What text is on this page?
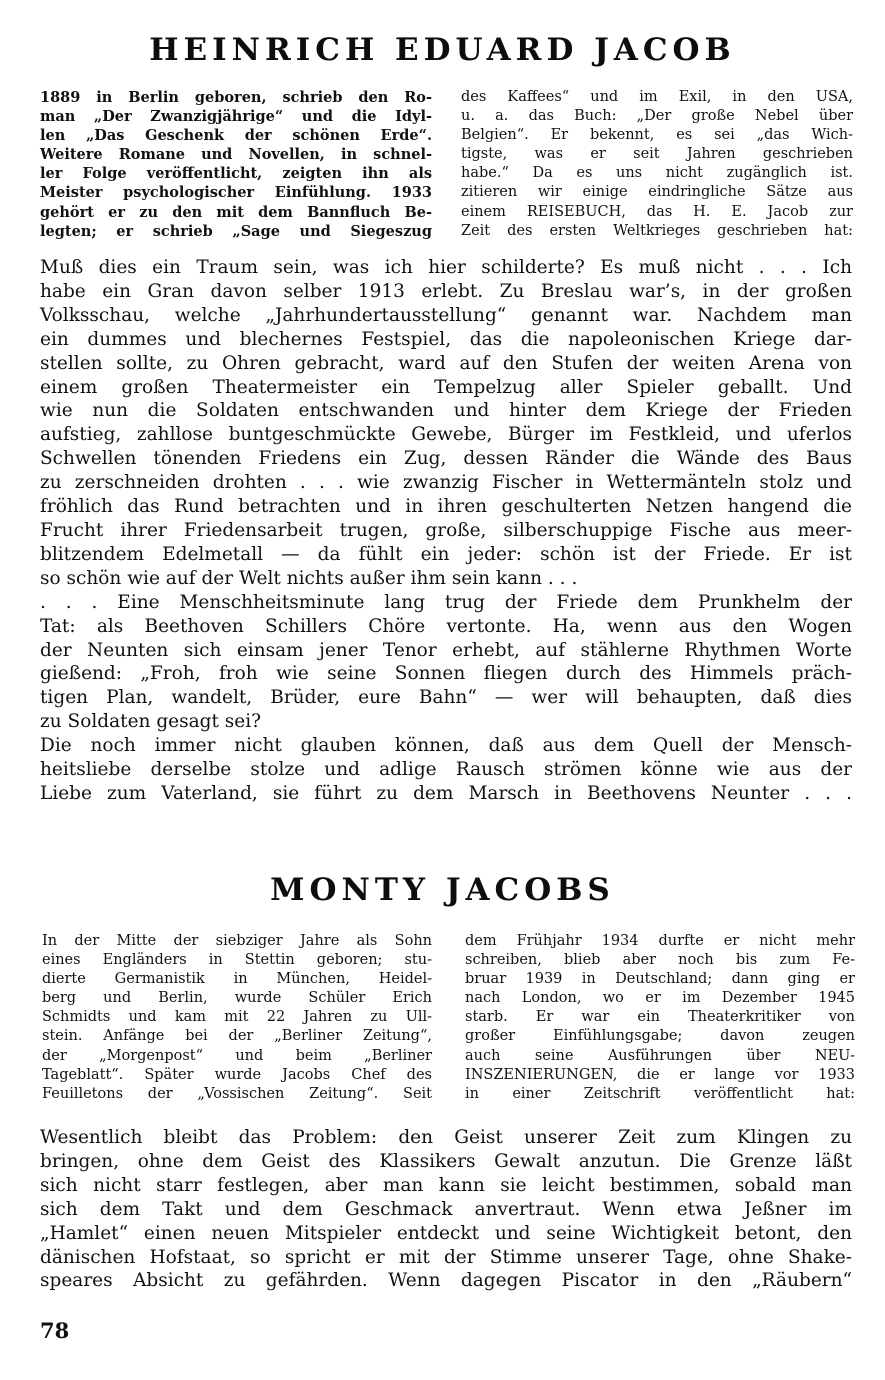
HEINRICH EDUARD JACOB
1889 in Berlin geboren, schrieb den Ro-
man „Der Zwanzigjährige“ und die Idyl-
len „Das Geschenk der schönen Erde“.
Weitere Romane und Novellen, in schnel-
ler Folge veröffentlicht, zeigten ihn als
Meister psychologischer Einfühlung. 1933
gehört er zu den mit dem Bannfluch Be-
legten; er schrieb „Sage und Siegeszug
des Kaffees“ und im Exil, in den USA,
u. a. das Buch: „Der große Nebel über
Belgien“. Er bekennt, es sei „das Wich-
tigste, was er seit Jahren geschrieben
habe.“ Da es uns nicht zugänglich ist.
zitieren wir einige eindringliche Sätze aus
einem REISEBUCH, das H. E. Jacob zur
Zeit des ersten Weltkrieges geschrieben hat:
Muß dies ein Traum sein, was ich hier schilderte? Es muß nicht . . . Ich
habe ein Gran davon selber 1913 erlebt. Zu Breslau war’s, in der großen
Volksschau, welche „Jahrhundertausstellung“ genannt war. Nachdem man
ein dummes und blechernes Festspiel, das die napoleonischen Kriege dar-
stellen sollte, zu Ohren gebracht, ward auf den Stufen der weiten Arena von
einem großen Theatermeister ein Tempelzug aller Spieler geballt. Und
wie nun die Soldaten entschwanden und hinter dem Kriege der Frieden
aufstieg, zahllose buntgeschmückte Gewebe, Bürger im Festkleid, und uferlos
Schwellen tönenden Friedens ein Zug, dessen Ränder die Wände des Baus
zu zerschneiden drohten . . . wie zwanzig Fischer in Wettermänteln stolz und
fröhlich das Rund betrachten und in ihren geschulterten Netzen hangend die
Frucht ihrer Friedensarbeit trugen, große, silberschuppige Fische aus meer-
blitzendem Edelmetall — da fühlt ein jeder: schön ist der Friede. Er ist
so schön wie auf der Welt nichts außer ihm sein kann . . .
. . . Eine Menschheitsminute lang trug der Friede dem Prunkhelm der
Tat: als Beethoven Schillers Chöre vertonte. Ha, wenn aus den Wogen
der Neunten sich einsam jener Tenor erhebt, auf stählerne Rhythmen Worte
gießend: „Froh, froh wie seine Sonnen fliegen durch des Himmels präch-
tigen Plan, wandelt, Brüder, eure Bahn“ — wer will behaupten, daß dies
zu Soldaten gesagt sei?
Die noch immer nicht glauben können, daß aus dem Quell der Mensch-
heitsliebe derselbe stolze und adlige Rausch strömen könne wie aus der
Liebe zum Vaterland, sie führt zu dem Marsch in Beethovens Neunter . . .
MONTY JACOBS
In der Mitte der siebziger Jahre als Sohn
eines Engländers in Stettin geboren; stu-
dierte Germanistik in München, Heidel-
berg und Berlin, wurde Schüler Erich
Schmidts und kam mit 22 Jahren zu Ull-
stein. Anfänge bei der „Berliner Zeitung“,
der „Morgenpost“ und beim „Berliner
Tageblatt“. Später wurde Jacobs Chef des
Feuilletons der „Vossischen Zeitung“. Seit
dem Frühjahr 1934 durfte er nicht mehr
schreiben, blieb aber noch bis zum Fe-
bruar 1939 in Deutschland; dann ging er
nach London, wo er im Dezember 1945
starb. Er war ein Theaterkritiker von
großer Einfühlungsgabe; davon zeugen
auch seine Ausführungen über NEU-
INSZENIERUNGEN, die er lange vor 1933
in einer Zeitschrift veröffentlicht hat:
Wesentlich bleibt das Problem: den Geist unserer Zeit zum Klingen zu
bringen, ohne dem Geist des Klassikers Gewalt anzutun. Die Grenze läßt
sich nicht starr festlegen, aber man kann sie leicht bestimmen, sobald man
sich dem Takt und dem Geschmack anvertraut. Wenn etwa Jeßner im
„Hamlet“ einen neuen Mitspieler entdeckt und seine Wichtigkeit betont, den
dänischen Hofstaat, so spricht er mit der Stimme unserer Tage, ohne Shake-
speares Absicht zu gefährden. Wenn dagegen Piscator in den „Räubern“

78
